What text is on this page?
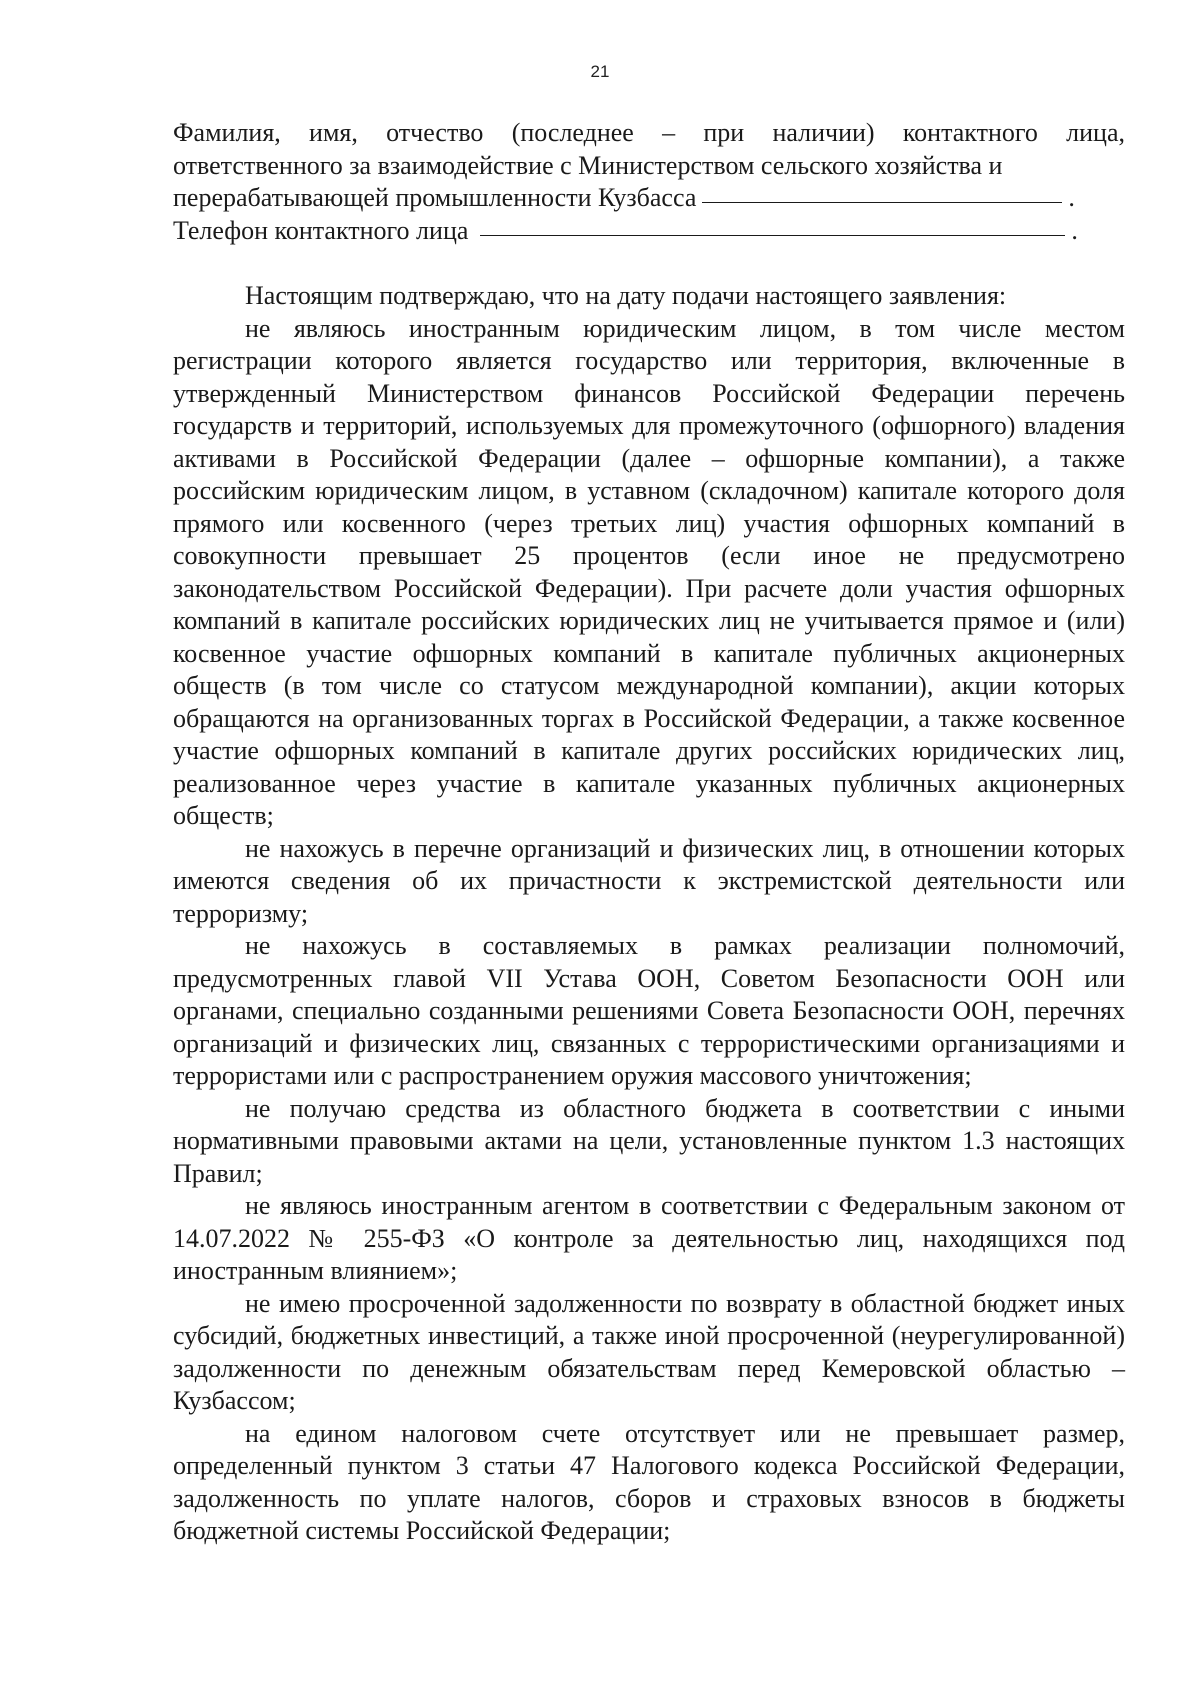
21

Фамилия, имя, отчество (последнее – при наличии) контактного лица, ответственного за взаимодействие с Министерством сельского хозяйства и

перерабатывающей промышленности Кузбасса	.
Телефон контактного лица	.

Настоящим подтверждаю, что на дату подачи настоящего заявления:

не являюсь иностранным юридическим лицом, в том числе местом регистрации которого является государство или территория, включенные в утвержденный Министерством финансов Российской Федерации перечень государств и территорий, используемых для промежуточного (офшорного) владения активами в Российской Федерации (далее – офшорные компании), а также российским юридическим лицом, в уставном (складочном) капитале которого доля прямого или косвенного (через третьих лиц) участия офшорных компаний в совокупности превышает 25 процентов (если иное не предусмотрено законодательством Российской Федерации). При расчете доли участия офшорных компаний в капитале российских юридических лиц не учитывается прямое и (или) косвенное участие офшорных компаний в капитале публичных акционерных обществ (в том числе со статусом международной компании), акции которых обращаются на организованных торгах в Российской Федерации, а также косвенное участие офшорных компаний в капитале других российских юридических лиц, реализованное через участие в капитале указанных публичных акционерных обществ;

не нахожусь в перечне организаций и физических лиц, в отношении которых имеются сведения об их причастности к экстремистской деятельности или терроризму;

не нахожусь в составляемых в рамках реализации полномочий, предусмотренных главой VII Устава ООН, Советом Безопасности ООН или органами, специально созданными решениями Совета Безопасности ООН, перечнях организаций и физических лиц, связанных с террористическими организациями и террористами или с распространением оружия массового уничтожения;

не получаю средства из областного бюджета в соответствии с иными нормативными правовыми актами на цели, установленные пунктом 1.3 настоящих Правил;

не являюсь иностранным агентом в соответствии с Федеральным законом от 14.07.2022 № 255-ФЗ «О контроле за деятельностью лиц, находящихся под иностранным влиянием»;

не имею просроченной задолженности по возврату в областной бюджет иных субсидий, бюджетных инвестиций, а также иной просроченной (неурегулированной) задолженности по денежным обязательствам перед Кемеровской областью – Кузбассом;

на едином налоговом счете отсутствует или не превышает размер, определенный пунктом 3 статьи 47 Налогового кодекса Российской Федерации, задолженность по уплате налогов, сборов и страховых взносов в бюджеты бюджетной системы Российской Федерации;
